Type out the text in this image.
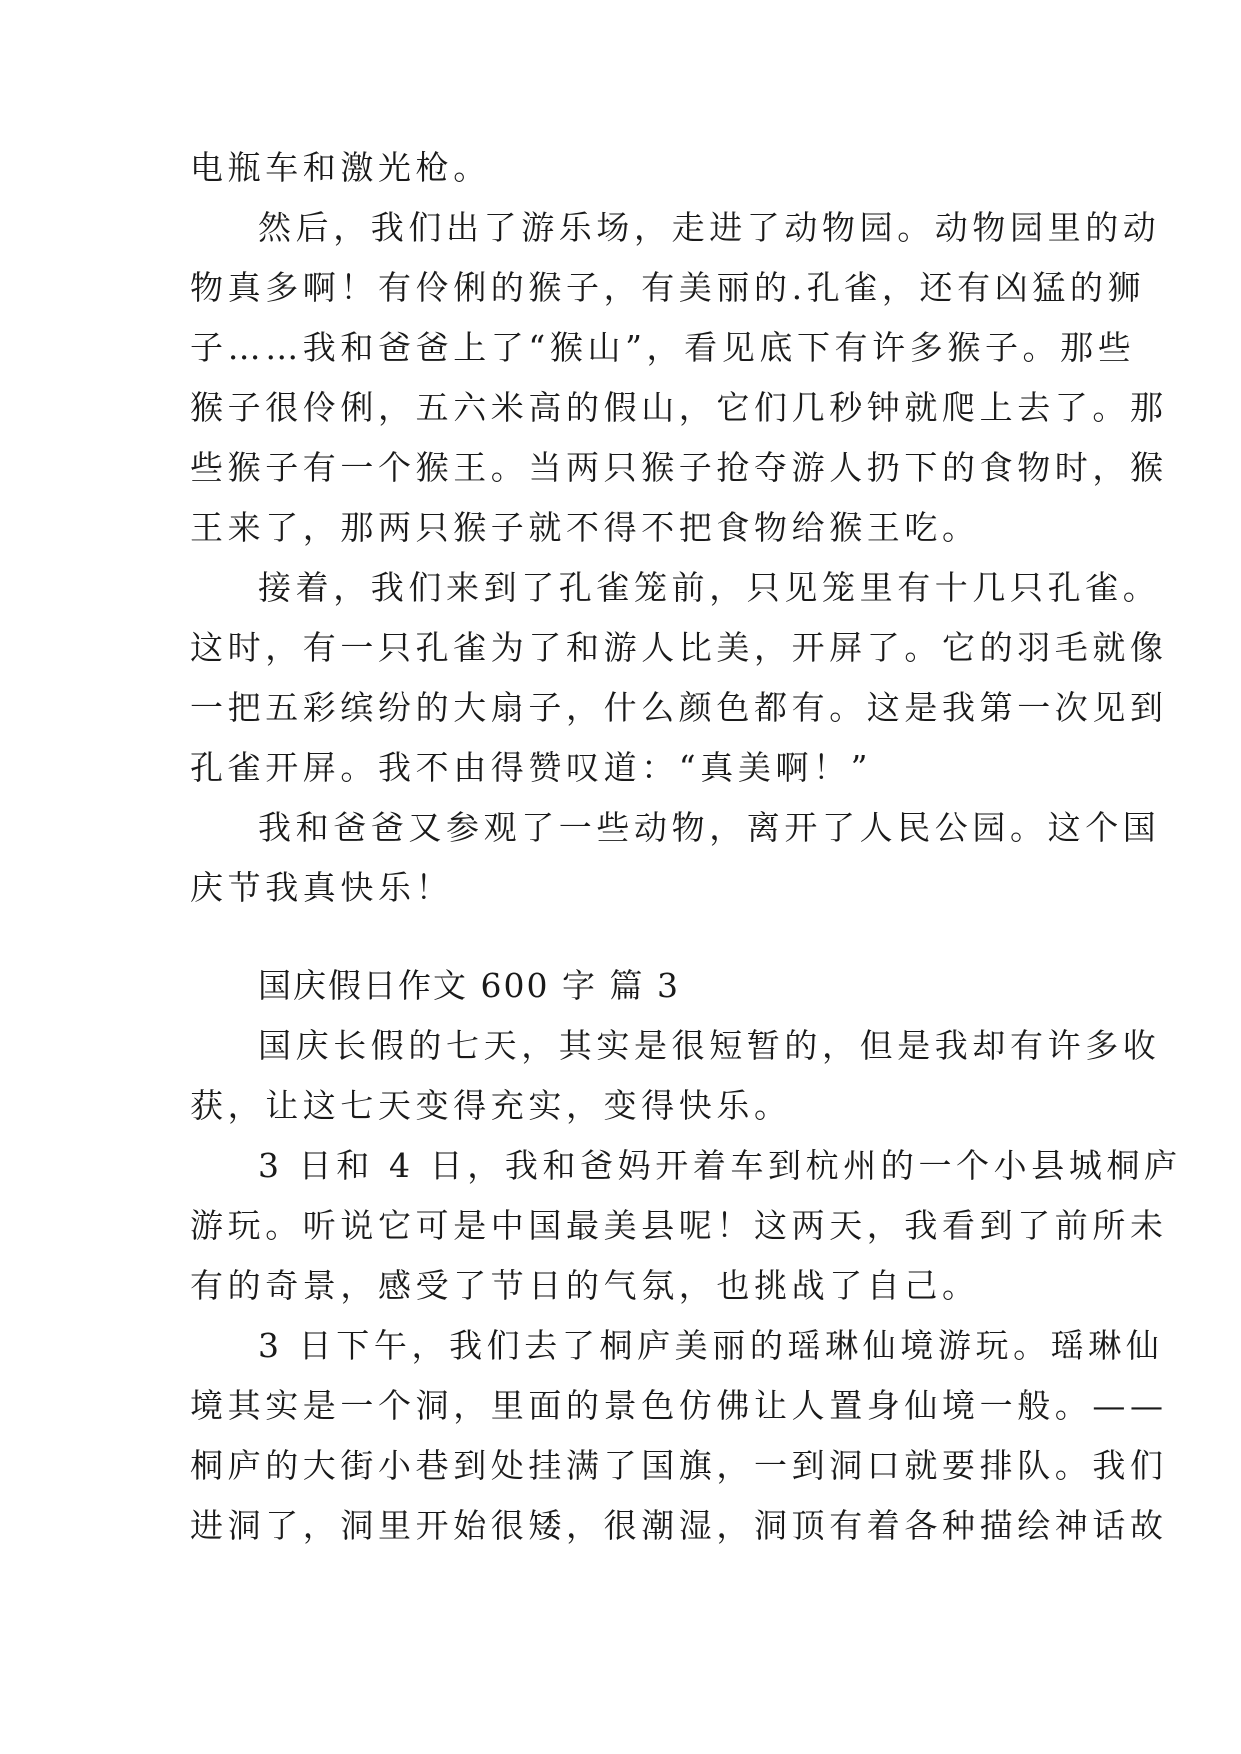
电瓶车和激光枪。
然后，我们出了游乐场，走进了动物园。动物园里的动
物真多啊！有伶俐的猴子，有美丽的.孔雀，还有凶猛的狮
子……我和爸爸上了“猴山”，看见底下有许多猴子。那些
猴子很伶俐，五六米高的假山，它们几秒钟就爬上去了。那
些猴子有一个猴王。当两只猴子抢夺游人扔下的食物时，猴
王来了，那两只猴子就不得不把食物给猴王吃。
接着，我们来到了孔雀笼前，只见笼里有十几只孔雀。
这时，有一只孔雀为了和游人比美，开屏了。它的羽毛就像
一把五彩缤纷的大扇子，什么颜色都有。这是我第一次见到
孔雀开屏。我不由得赞叹道：“真美啊！”
我和爸爸又参观了一些动物，离开了人民公园。这个国
庆节我真快乐！
国庆假日作文 600 字 篇 3
国庆长假的七天，其实是很短暂的，但是我却有许多收
获，让这七天变得充实，变得快乐。
3 日和 4 日，我和爸妈开着车到杭州的一个小县城桐庐
游玩。听说它可是中国最美县呢！这两天，我看到了前所未
有的奇景，感受了节日的气氛，也挑战了自己。
3 日下午，我们去了桐庐美丽的瑶琳仙境游玩。瑶琳仙
境其实是一个洞，里面的景色仿佛让人置身仙境一般。——
桐庐的大街小巷到处挂满了国旗，一到洞口就要排队。我们
进洞了，洞里开始很矮，很潮湿，洞顶有着各种描绘神话故
